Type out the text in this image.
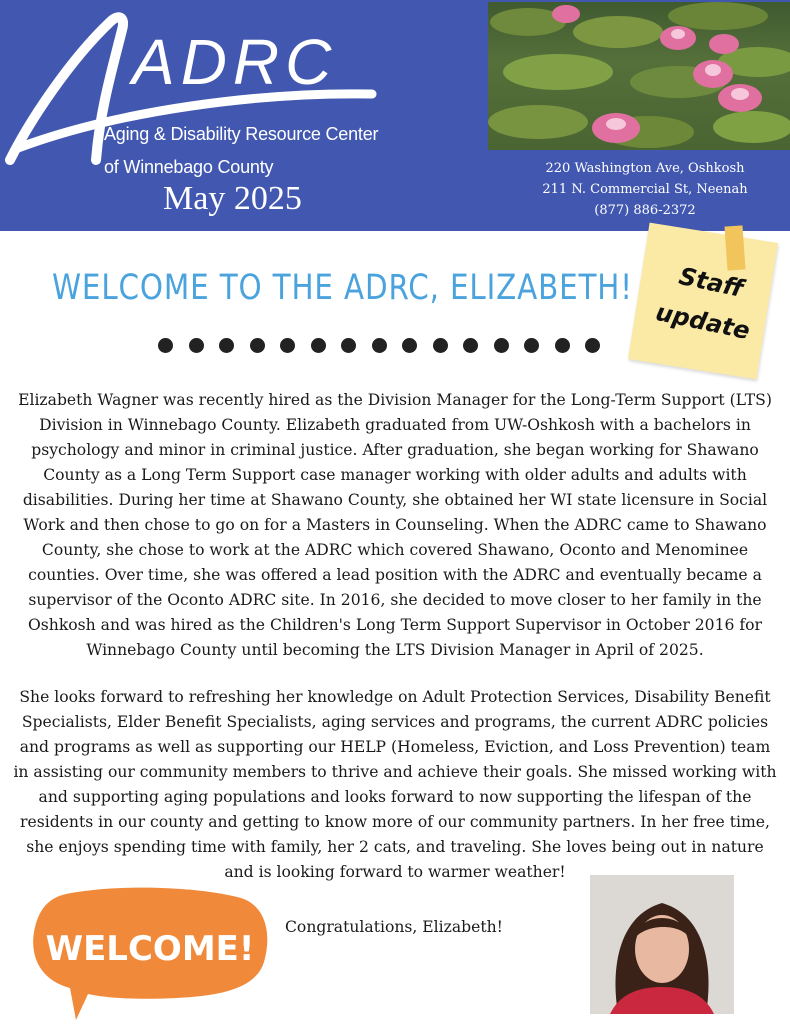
ADRC
Aging & Disability Resource Center
of Winnebago County
May 2025
220 Washington Ave, Oshkosh
211 N. Commercial St, Neenah
(877) 886-2372
WELCOME TO THE ADRC, ELIZABETH!	Staff
update

Elizabeth Wagner was recently hired as the Division Manager for the Long-Term Support (LTS) Division in Winnebago County. Elizabeth graduated from UW-Oshkosh with a bachelors in psychology and minor in criminal justice. After graduation, she began working for Shawano County as a Long Term Support case manager working with older adults and adults with disabilities. During her time at Shawano County, she obtained her WI state licensure in Social Work and then chose to go on for a Masters in Counseling. When the ADRC came to Shawano County, she chose to work at the ADRC which covered Shawano, Oconto and Menominee counties. Over time, she was offered a lead position with the ADRC and eventually became a supervisor of the Oconto ADRC site. In 2016, she decided to move closer to her family in the Oshkosh and was hired as the Children's Long Term Support Supervisor in October 2016 for Winnebago County until becoming the LTS Division Manager in April of 2025.

She looks forward to refreshing her knowledge on Adult Protection Services, Disability Benefit Specialists, Elder Benefit Specialists, aging services and programs, the current ADRC policies and programs as well as supporting our HELP (Homeless, Eviction, and Loss Prevention) team in assisting our community members to thrive and achieve their goals. She missed working with and supporting aging populations and looks forward to now supporting the lifespan of the residents in our county and getting to know more of our community partners. In her free time, she enjoys spending time with family, her 2 cats, and traveling. She loves being out in nature and is looking forward to warmer weather!

WELCOME!
Congratulations, Elizabeth!
